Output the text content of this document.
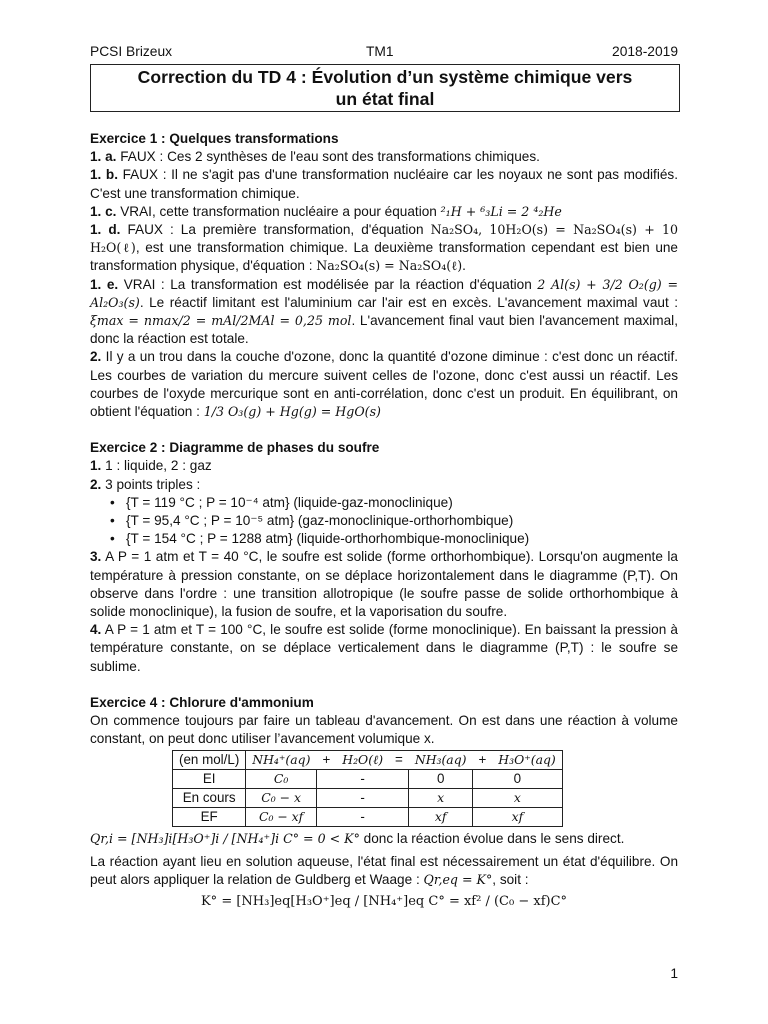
PCSI Brizeux	TM1	2018-2019
Correction du TD 4 : Évolution d’un système chimique vers
un état final

Exercice 1 : Quelques transformations

1. a. FAUX : Ces 2 synthèses de l'eau sont des transformations chimiques.

1. b. FAUX : Il ne s'agit pas d'une transformation nucléaire car les noyaux ne sont pas modifiés. C'est une transformation chimique.

1. c. VRAI, cette transformation nucléaire a pour équation ²₁H + ⁶₃Li = 2 ⁴₂He

1. d. FAUX : La première transformation, d'équation Na₂SO₄, 10H₂O(s) = Na₂SO₄(s) + 10 H₂O(ℓ), est une transformation chimique. La deuxième transformation cependant est bien une transformation physique, d'équation : Na₂SO₄(s) = Na₂SO₄(ℓ).

1. e. VRAI : La transformation est modélisée par la réaction d'équation 2 Al(s) + 3/2 O₂(g) = Al₂O₃(s). Le réactif limitant est l'aluminium car l'air est en excès. L'avancement maximal vaut : ξmax = nmax/2 = mAl/2MAl = 0,25 mol. L'avancement final vaut bien l'avancement maximal, donc la réaction est totale.

2. Il y a un trou dans la couche d'ozone, donc la quantité d'ozone diminue : c'est donc un réactif. Les courbes de variation du mercure suivent celles de l'ozone, donc c'est aussi un réactif. Les courbes de l'oxyde mercurique sont en anti-corrélation, donc c'est un produit. En équilibrant, on obtient l'équation : 1/3 O₃(g) + Hg(g) = HgO(s)

Exercice 2 : Diagramme de phases du soufre

1. 1 : liquide, 2 : gaz

2. 3 points triples :

• {T = 119 °C ; P = 10⁻⁴ atm} (liquide-gaz-monoclinique)
• {T = 95,4 °C ; P = 10⁻⁵ atm} (gaz-monoclinique-orthorhombique)
• {T = 154 °C ; P = 1288 atm} (liquide-orthorhombique-monoclinique)

3. A P = 1 atm et T = 40 °C, le soufre est solide (forme orthorhombique). Lorsqu'on augmente la température à pression constante, on se déplace horizontalement dans le diagramme (P,T). On observe dans l'ordre : une transition allotropique (le soufre passe de solide orthorhombique à solide monoclinique), la fusion de soufre, et la vaporisation du soufre.

4. A P = 1 atm et T = 100 °C, le soufre est solide (forme monoclinique). En baissant la pression à température constante, on se déplace verticalement dans le diagramme (P,T) : le soufre se sublime.

Exercice 4 : Chlorure d'ammonium

On commence toujours par faire un tableau d'avancement. On est dans une réaction à volume constant, on peut donc utiliser l’avancement volumique x.

(en mol/L)	NH₄⁺(aq)	+	H₂O(ℓ)	=	NH₃(aq)	+	H₃O⁺(aq)
EI	C₀	-			0	0	
En cours	C₀ − x	-			x	x	
EF	C₀ − xf	-			xf	xf	

Qr,i = [NH₃]i[H₃O⁺]i / [NH₄⁺]i C° = 0 < K° donc la réaction évolue dans le sens direct.

La réaction ayant lieu en solution aqueuse, l'état final est nécessairement un état d'équilibre. On peut alors appliquer la relation de Guldberg et Waage : Qr,eq = K°, soit :

K° = [NH₃]eq[H₃O⁺]eq / [NH₄⁺]eq C° = xf² / (C₀ − xf)C°
1
